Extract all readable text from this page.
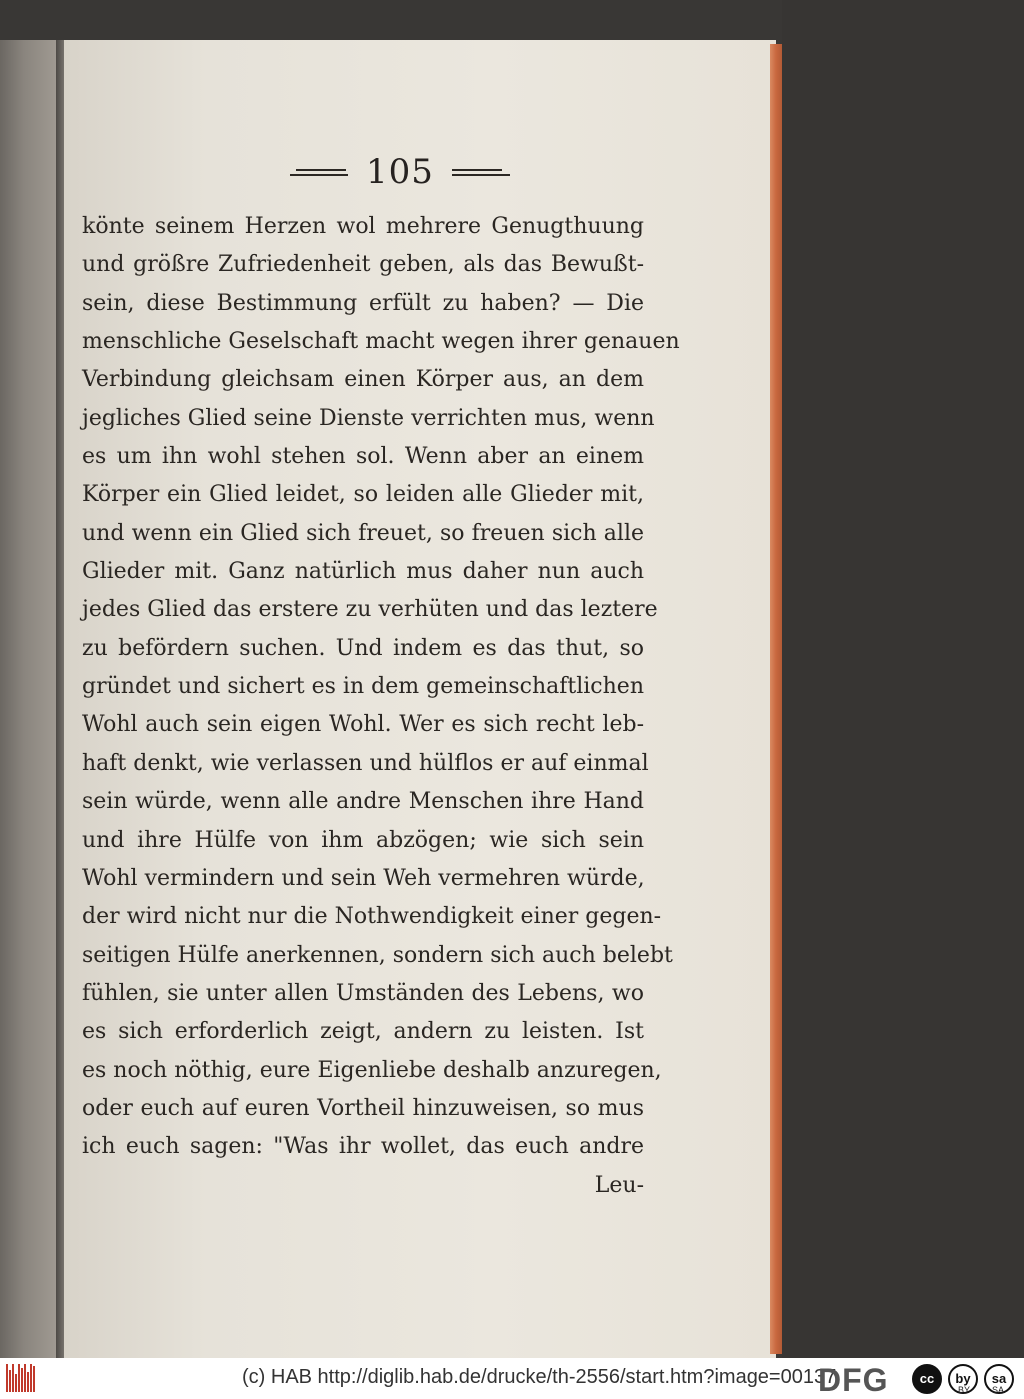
105
könte seinem Herzen wol mehrere Genugthuung
und größre Zufriedenheit geben, als das Bewußt-
sein, diese Bestimmung erfült zu haben? — Die
menschliche Geselschaft macht wegen ihrer genauen
Verbindung gleichsam einen Körper aus, an dem
jegliches Glied seine Dienste verrichten mus, wenn
es um ihn wohl stehen sol. Wenn aber an einem
Körper ein Glied leidet, so leiden alle Glieder mit,
und wenn ein Glied sich freuet, so freuen sich alle
Glieder mit. Ganz natürlich mus daher nun auch
jedes Glied das erstere zu verhüten und das leztere
zu befördern suchen. Und indem es das thut, so
gründet und sichert es in dem gemeinschaftlichen
Wohl auch sein eigen Wohl. Wer es sich recht leb-
haft denkt, wie verlassen und hülflos er auf einmal
sein würde, wenn alle andre Menschen ihre Hand
und ihre Hülfe von ihm abzögen; wie sich sein
Wohl vermindern und sein Weh vermehren würde,
der wird nicht nur die Nothwendigkeit einer gegen-
seitigen Hülfe anerkennen, sondern sich auch belebt
fühlen, sie unter allen Umständen des Lebens, wo
es sich erforderlich zeigt, andern zu leisten. Ist
es noch nöthig, eure Eigenliebe deshalb anzuregen,
oder euch auf euren Vortheil hinzuweisen, so mus
ich euch sagen: "Was ihr wollet, das euch andre
Leu-
(c) HAB http://diglib.hab.de/drucke/th-2556/start.htm?image=00137
DFG	cc	by	sa
BY SA
